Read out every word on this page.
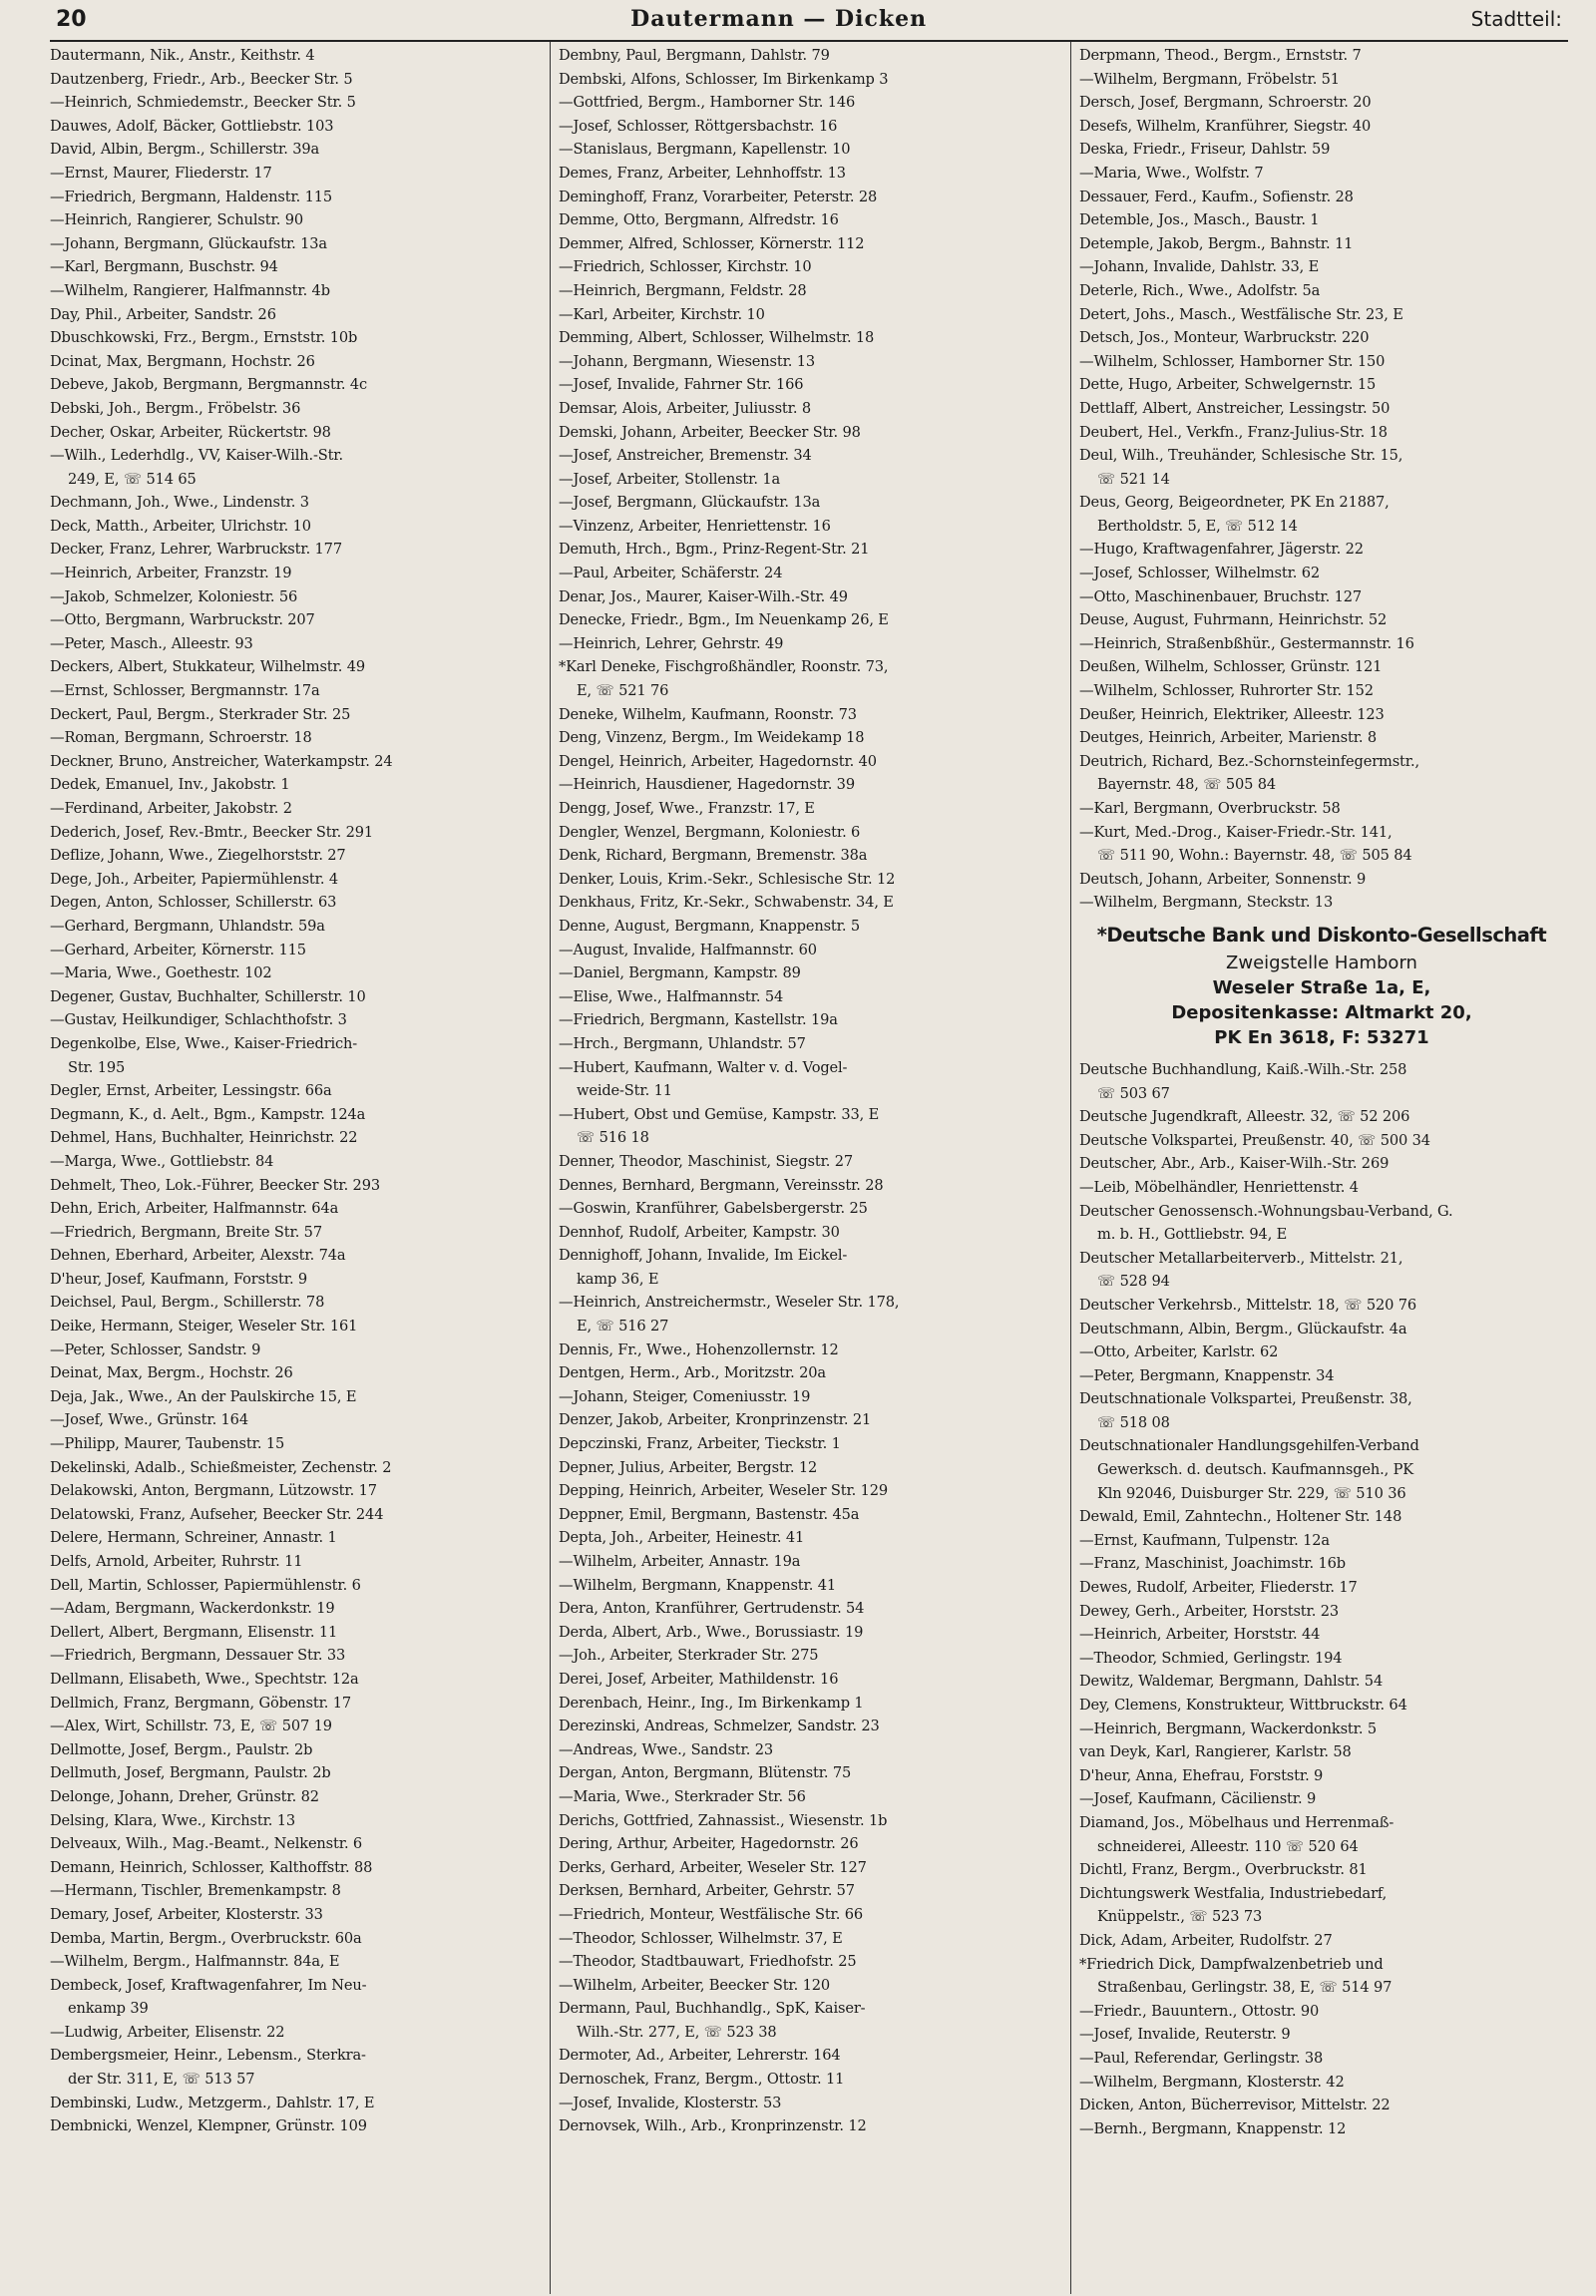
20	Dautermann — Dicken	Stadtteil:
Dautermann, Nik., Anstr., Keithstr. 4
Dautzenberg, Friedr., Arb., Beecker Str. 5
—Heinrich, Schmiedemstr., Beecker Str. 5
Dauwes, Adolf, Bäcker, Gottliebstr. 103
David, Albin, Bergm., Schillerstr. 39a
—Ernst, Maurer, Fliederstr. 17
—Friedrich, Bergmann, Haldenstr. 115
—Heinrich, Rangierer, Schulstr. 90
—Johann, Bergmann, Glückaufstr. 13a
—Karl, Bergmann, Buschstr. 94
—Wilhelm, Rangierer, Halfmannstr. 4b
Day, Phil., Arbeiter, Sandstr. 26
Dbuschkowski, Frz., Bergm., Ernststr. 10b
Dcinat, Max, Bergmann, Hochstr. 26
Debeve, Jakob, Bergmann, Bergmannstr. 4c
Debski, Joh., Bergm., Fröbelstr. 36
Decher, Oskar, Arbeiter, Rückertstr. 98
—Wilh., Lederhdlg., VV, Kaiser-Wilh.-Str.
249, E, ☏ 514 65
Dechmann, Joh., Wwe., Lindenstr. 3
Deck, Matth., Arbeiter, Ulrichstr. 10
Decker, Franz, Lehrer, Warbruckstr. 177
—Heinrich, Arbeiter, Franzstr. 19
—Jakob, Schmelzer, Koloniestr. 56
—Otto, Bergmann, Warbruckstr. 207
—Peter, Masch., Alleestr. 93
Deckers, Albert, Stukkateur, Wilhelmstr. 49
—Ernst, Schlosser, Bergmannstr. 17a
Deckert, Paul, Bergm., Sterkrader Str. 25
—Roman, Bergmann, Schroerstr. 18
Deckner, Bruno, Anstreicher, Waterkampstr. 24
Dedek, Emanuel, Inv., Jakobstr. 1
—Ferdinand, Arbeiter, Jakobstr. 2
Dederich, Josef, Rev.-Bmtr., Beecker Str. 291
Deflize, Johann, Wwe., Ziegelhorststr. 27
Dege, Joh., Arbeiter, Papiermühlenstr. 4
Degen, Anton, Schlosser, Schillerstr. 63
—Gerhard, Bergmann, Uhlandstr. 59a
—Gerhard, Arbeiter, Körnerstr. 115
—Maria, Wwe., Goethestr. 102
Degener, Gustav, Buchhalter, Schillerstr. 10
—Gustav, Heilkundiger, Schlachthofstr. 3
Degenkolbe, Else, Wwe., Kaiser-Friedrich-
Str. 195
Degler, Ernst, Arbeiter, Lessingstr. 66a
Degmann, K., d. Aelt., Bgm., Kampstr. 124a
Dehmel, Hans, Buchhalter, Heinrichstr. 22
—Marga, Wwe., Gottliebstr. 84
Dehmelt, Theo, Lok.-Führer, Beecker Str. 293
Dehn, Erich, Arbeiter, Halfmannstr. 64a
—Friedrich, Bergmann, Breite Str. 57
Dehnen, Eberhard, Arbeiter, Alexstr. 74a
D'heur, Josef, Kaufmann, Forststr. 9
Deichsel, Paul, Bergm., Schillerstr. 78
Deike, Hermann, Steiger, Weseler Str. 161
—Peter, Schlosser, Sandstr. 9
Deinat, Max, Bergm., Hochstr. 26
Deja, Jak., Wwe., An der Paulskirche 15, E
—Josef, Wwe., Grünstr. 164
—Philipp, Maurer, Taubenstr. 15
Dekelinski, Adalb., Schießmeister, Zechenstr. 2
Delakowski, Anton, Bergmann, Lützowstr. 17
Delatowski, Franz, Aufseher, Beecker Str. 244
Delere, Hermann, Schreiner, Annastr. 1
Delfs, Arnold, Arbeiter, Ruhrstr. 11
Dell, Martin, Schlosser, Papiermühlenstr. 6
—Adam, Bergmann, Wackerdonkstr. 19
Dellert, Albert, Bergmann, Elisenstr. 11
—Friedrich, Bergmann, Dessauer Str. 33
Dellmann, Elisabeth, Wwe., Spechtstr. 12a
Dellmich, Franz, Bergmann, Göbenstr. 17
—Alex, Wirt, Schillstr. 73, E, ☏ 507 19
Dellmotte, Josef, Bergm., Paulstr. 2b
Dellmuth, Josef, Bergmann, Paulstr. 2b
Delonge, Johann, Dreher, Grünstr. 82
Delsing, Klara, Wwe., Kirchstr. 13
Delveaux, Wilh., Mag.-Beamt., Nelkenstr. 6
Demann, Heinrich, Schlosser, Kalthoffstr. 88
—Hermann, Tischler, Bremenkampstr. 8
Demary, Josef, Arbeiter, Klosterstr. 33
Demba, Martin, Bergm., Overbruckstr. 60a
—Wilhelm, Bergm., Halfmannstr. 84a, E
Dembeck, Josef, Kraftwagenfahrer, Im Neu-
enkamp 39
—Ludwig, Arbeiter, Elisenstr. 22
Dembergsmeier, Heinr., Lebensm., Sterkra-
der Str. 311, E, ☏ 513 57
Dembinski, Ludw., Metzgerm., Dahlstr. 17, E
Dembnicki, Wenzel, Klempner, Grünstr. 109
Dembny, Paul, Bergmann, Dahlstr. 79
Dembski, Alfons, Schlosser, Im Birkenkamp 3
—Gottfried, Bergm., Hamborner Str. 146
—Josef, Schlosser, Röttgersbachstr. 16
—Stanislaus, Bergmann, Kapellenstr. 10
Demes, Franz, Arbeiter, Lehnhoffstr. 13
Deminghoff, Franz, Vorarbeiter, Peterstr. 28
Demme, Otto, Bergmann, Alfredstr. 16
Demmer, Alfred, Schlosser, Körnerstr. 112
—Friedrich, Schlosser, Kirchstr. 10
—Heinrich, Bergmann, Feldstr. 28
—Karl, Arbeiter, Kirchstr. 10
Demming, Albert, Schlosser, Wilhelmstr. 18
—Johann, Bergmann, Wiesenstr. 13
—Josef, Invalide, Fahrner Str. 166
Demsar, Alois, Arbeiter, Juliusstr. 8
Demski, Johann, Arbeiter, Beecker Str. 98
—Josef, Anstreicher, Bremenstr. 34
—Josef, Arbeiter, Stollenstr. 1a
—Josef, Bergmann, Glückaufstr. 13a
—Vinzenz, Arbeiter, Henriettenstr. 16
Demuth, Hrch., Bgm., Prinz-Regent-Str. 21
—Paul, Arbeiter, Schäferstr. 24
Denar, Jos., Maurer, Kaiser-Wilh.-Str. 49
Denecke, Friedr., Bgm., Im Neuenkamp 26, E
—Heinrich, Lehrer, Gehrstr. 49
*Karl Deneke, Fischgroßhändler, Roonstr. 73,
E, ☏ 521 76
Deneke, Wilhelm, Kaufmann, Roonstr. 73
Deng, Vinzenz, Bergm., Im Weidekamp 18
Dengel, Heinrich, Arbeiter, Hagedornstr. 40
—Heinrich, Hausdiener, Hagedornstr. 39
Dengg, Josef, Wwe., Franzstr. 17, E
Dengler, Wenzel, Bergmann, Koloniestr. 6
Denk, Richard, Bergmann, Bremenstr. 38a
Denker, Louis, Krim.-Sekr., Schlesische Str. 12
Denkhaus, Fritz, Kr.-Sekr., Schwabenstr. 34, E
Denne, August, Bergmann, Knappenstr. 5
—August, Invalide, Halfmannstr. 60
—Daniel, Bergmann, Kampstr. 89
—Elise, Wwe., Halfmannstr. 54
—Friedrich, Bergmann, Kastellstr. 19a
—Hrch., Bergmann, Uhlandstr. 57
—Hubert, Kaufmann, Walter v. d. Vogel-
weide-Str. 11
—Hubert, Obst und Gemüse, Kampstr. 33, E
☏ 516 18
Denner, Theodor, Maschinist, Siegstr. 27
Dennes, Bernhard, Bergmann, Vereinsstr. 28
—Goswin, Kranführer, Gabelsbergerstr. 25
Dennhof, Rudolf, Arbeiter, Kampstr. 30
Dennighoff, Johann, Invalide, Im Eickel-
kamp 36, E
—Heinrich, Anstreichermstr., Weseler Str. 178,
E, ☏ 516 27
Dennis, Fr., Wwe., Hohenzollernstr. 12
Dentgen, Herm., Arb., Moritzstr. 20a
—Johann, Steiger, Comeniusstr. 19
Denzer, Jakob, Arbeiter, Kronprinzenstr. 21
Depczinski, Franz, Arbeiter, Tieckstr. 1
Depner, Julius, Arbeiter, Bergstr. 12
Depping, Heinrich, Arbeiter, Weseler Str. 129
Deppner, Emil, Bergmann, Bastenstr. 45a
Depta, Joh., Arbeiter, Heinestr. 41
—Wilhelm, Arbeiter, Annastr. 19a
—Wilhelm, Bergmann, Knappenstr. 41
Dera, Anton, Kranführer, Gertrudenstr. 54
Derda, Albert, Arb., Wwe., Borussiastr. 19
—Joh., Arbeiter, Sterkrader Str. 275
Derei, Josef, Arbeiter, Mathildenstr. 16
Derenbach, Heinr., Ing., Im Birkenkamp 1
Derezinski, Andreas, Schmelzer, Sandstr. 23
—Andreas, Wwe., Sandstr. 23
Dergan, Anton, Bergmann, Blütenstr. 75
—Maria, Wwe., Sterkrader Str. 56
Derichs, Gottfried, Zahnassist., Wiesenstr. 1b
Dering, Arthur, Arbeiter, Hagedornstr. 26
Derks, Gerhard, Arbeiter, Weseler Str. 127
Derksen, Bernhard, Arbeiter, Gehrstr. 57
—Friedrich, Monteur, Westfälische Str. 66
—Theodor, Schlosser, Wilhelmstr. 37, E
—Theodor, Stadtbauwart, Friedhofstr. 25
—Wilhelm, Arbeiter, Beecker Str. 120
Dermann, Paul, Buchhandlg., SpK, Kaiser-
Wilh.-Str. 277, E, ☏ 523 38
Dermoter, Ad., Arbeiter, Lehrerstr. 164
Dernoschek, Franz, Bergm., Ottostr. 11
—Josef, Invalide, Klosterstr. 53
Dernovsek, Wilh., Arb., Kronprinzenstr. 12
Derpmann, Theod., Bergm., Ernststr. 7
—Wilhelm, Bergmann, Fröbelstr. 51
Dersch, Josef, Bergmann, Schroerstr. 20
Desefs, Wilhelm, Kranführer, Siegstr. 40
Deska, Friedr., Friseur, Dahlstr. 59
—Maria, Wwe., Wolfstr. 7
Dessauer, Ferd., Kaufm., Sofienstr. 28
Detemble, Jos., Masch., Baustr. 1
Detemple, Jakob, Bergm., Bahnstr. 11
—Johann, Invalide, Dahlstr. 33, E
Deterle, Rich., Wwe., Adolfstr. 5a
Detert, Johs., Masch., Westfälische Str. 23, E
Detsch, Jos., Monteur, Warbruckstr. 220
—Wilhelm, Schlosser, Hamborner Str. 150
Dette, Hugo, Arbeiter, Schwelgernstr. 15
Dettlaff, Albert, Anstreicher, Lessingstr. 50
Deubert, Hel., Verkfn., Franz-Julius-Str. 18
Deul, Wilh., Treuhänder, Schlesische Str. 15,
☏ 521 14
Deus, Georg, Beigeordneter, PK En 21887,
Bertholdstr. 5, E, ☏ 512 14
—Hugo, Kraftwagenfahrer, Jägerstr. 22
—Josef, Schlosser, Wilhelmstr. 62
—Otto, Maschinenbauer, Bruchstr. 127
Deuse, August, Fuhrmann, Heinrichstr. 52
—Heinrich, Straßenbßhür., Gestermannstr. 16
Deußen, Wilhelm, Schlosser, Grünstr. 121
—Wilhelm, Schlosser, Ruhrorter Str. 152
Deußer, Heinrich, Elektriker, Alleestr. 123
Deutges, Heinrich, Arbeiter, Marienstr. 8
Deutrich, Richard, Bez.-Schornsteinfegermstr.,
Bayernstr. 48, ☏ 505 84
—Karl, Bergmann, Overbruckstr. 58
—Kurt, Med.-Drog., Kaiser-Friedr.-Str. 141,
☏ 511 90, Wohn.: Bayernstr. 48, ☏ 505 84
Deutsch, Johann, Arbeiter, Sonnenstr. 9
—Wilhelm, Bergmann, Steckstr. 13
*Deutsche Bank und Diskonto-Gesellschaft
Zweigstelle Hamborn
Weseler Straße 1a, E,
Depositenkasse: Altmarkt 20,
PK En 3618, F: 53271
Deutsche Buchhandlung, Kaiß.-Wilh.-Str. 258
☏ 503 67
Deutsche Jugendkraft, Alleestr. 32, ☏ 52 206
Deutsche Volkspartei, Preußenstr. 40, ☏ 500 34
Deutscher, Abr., Arb., Kaiser-Wilh.-Str. 269
—Leib, Möbelhändler, Henriettenstr. 4
Deutscher Genossensch.-Wohnungsbau-Verband, G.
m. b. H., Gottliebstr. 94, E
Deutscher Metallarbeiterverb., Mittelstr. 21,
☏ 528 94
Deutscher Verkehrsb., Mittelstr. 18, ☏ 520 76
Deutschmann, Albin, Bergm., Glückaufstr. 4a
—Otto, Arbeiter, Karlstr. 62
—Peter, Bergmann, Knappenstr. 34
Deutschnationale Volkspartei, Preußenstr. 38,
☏ 518 08
Deutschnationaler Handlungsgehilfen-Verband
Gewerksch. d. deutsch. Kaufmannsgeh., PK
Kln 92046, Duisburger Str. 229, ☏ 510 36
Dewald, Emil, Zahntechn., Holtener Str. 148
—Ernst, Kaufmann, Tulpenstr. 12a
—Franz, Maschinist, Joachimstr. 16b
Dewes, Rudolf, Arbeiter, Fliederstr. 17
Dewey, Gerh., Arbeiter, Horststr. 23
—Heinrich, Arbeiter, Horststr. 44
—Theodor, Schmied, Gerlingstr. 194
Dewitz, Waldemar, Bergmann, Dahlstr. 54
Dey, Clemens, Konstrukteur, Wittbruckstr. 64
—Heinrich, Bergmann, Wackerdonkstr. 5
van Deyk, Karl, Rangierer, Karlstr. 58
D'heur, Anna, Ehefrau, Forststr. 9
—Josef, Kaufmann, Cäcilienstr. 9
Diamand, Jos., Möbelhaus und Herrenmaß-
schneiderei, Alleestr. 110 ☏ 520 64
Dichtl, Franz, Bergm., Overbruckstr. 81
Dichtungswerk Westfalia, Industriebedarf,
Knüppelstr., ☏ 523 73
Dick, Adam, Arbeiter, Rudolfstr. 27
*Friedrich Dick, Dampfwalzenbetrieb und
Straßenbau, Gerlingstr. 38, E, ☏ 514 97
—Friedr., Bauuntern., Ottostr. 90
—Josef, Invalide, Reuterstr. 9
—Paul, Referendar, Gerlingstr. 38
—Wilhelm, Bergmann, Klosterstr. 42
Dicken, Anton, Bücherrevisor, Mittelstr. 22
—Bernh., Bergmann, Knappenstr. 12
